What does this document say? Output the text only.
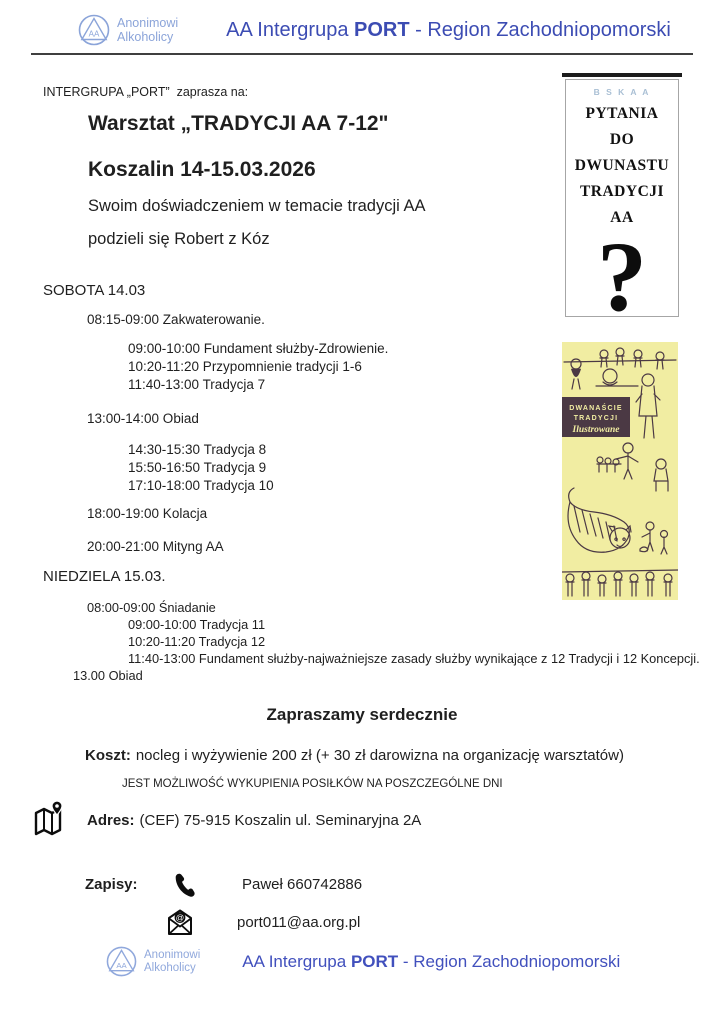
AA
Anonimowi
Alkoholicy	AA Intergrupa PORT - Region Zachodniopomorski

INTERGRUPA „PORT”  zaprasza na:

Warsztat „TRADYCJI AA 7-12"
Koszalin 14-15.03.2026

Swoim doświadczeniem w temacie tradycji AA

podzieli się Robert z Kóz

SOBOTA 14.03
08:15-09:00 Zakwaterowanie.
09:00-10:00 Fundament służby-Zdrowienie.
10:20-11:20 Przypomnienie tradycji 1-6
11:40-13:00 Tradycja 7
13:00-14:00 Obiad
14:30-15:30 Tradycja 8
15:50-16:50 Tradycja 9
17:10-18:00 Tradycja 10
18:00-19:00 Kolacja
20:00-21:00 Mityng AA
NIEDZIELA 15.03.
08:00-09:00 Śniadanie
09:00-10:00 Tradycja 11
10:20-11:20 Tradycja 12
11:40-13:00 Fundament służby-najważniejsze zasady służby wynikające z 12 Tradycji i 12 Koncepcji.
13.00 Obiad

Zapraszamy serdecznie

Koszt: nocleg i wyżywienie 200 zł (+ 30 zł darowizna na organizację warsztatów)

JEST MOŻLIWOŚĆ WYKUPIENIA POSIŁKÓW NA POSZCZEGÓLNE DNI

Adres: (CEF) 75-915 Koszalin ul. Seminaryjna 2A
Zapisy:	Paweł 660742886
@	port011@aa.org.pl
AA
Anonimowi
Alkoholicy	AA Intergrupa PORT - Region Zachodniopomorski
B S K A A
PYTANIA
DO
DWUNASTU
TRADYCJI
AA
?
DWANAŚCIE
TRADYCJI
Ilustrowane
